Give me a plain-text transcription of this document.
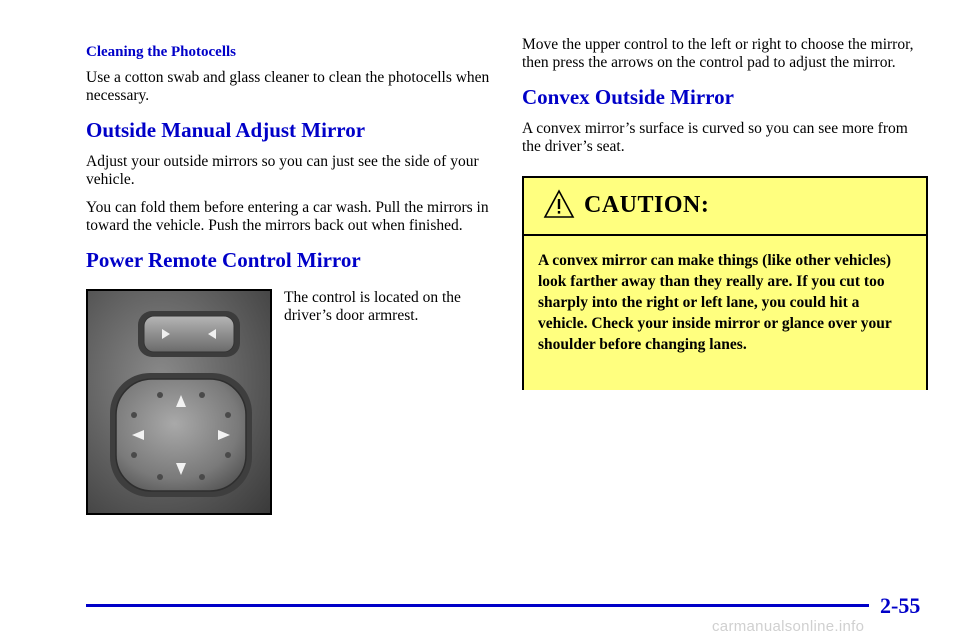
Cleaning the Photocells

Use a cotton swab and glass cleaner to clean the photocells when necessary.

Outside Manual Adjust Mirror

Adjust your outside mirrors so you can just see the side of your vehicle.

You can fold them before entering a car wash. Pull the mirrors in toward the vehicle. Push the mirrors back out when finished.

Power Remote Control Mirror

The control is located on the driver’s door armrest.

Move the upper control to the left or right to choose the mirror, then press the arrows on the control pad to adjust the mirror.

Convex Outside Mirror

A convex mirror’s surface is curved so you can see more from the driver’s seat.

CAUTION:
A convex mirror can make things (like other vehicles) look farther away than they really are. If you cut too sharply into the right or left lane, you could hit a vehicle. Check your inside mirror or glance over your shoulder before changing lanes.
2-55
carmanualsonline.info
